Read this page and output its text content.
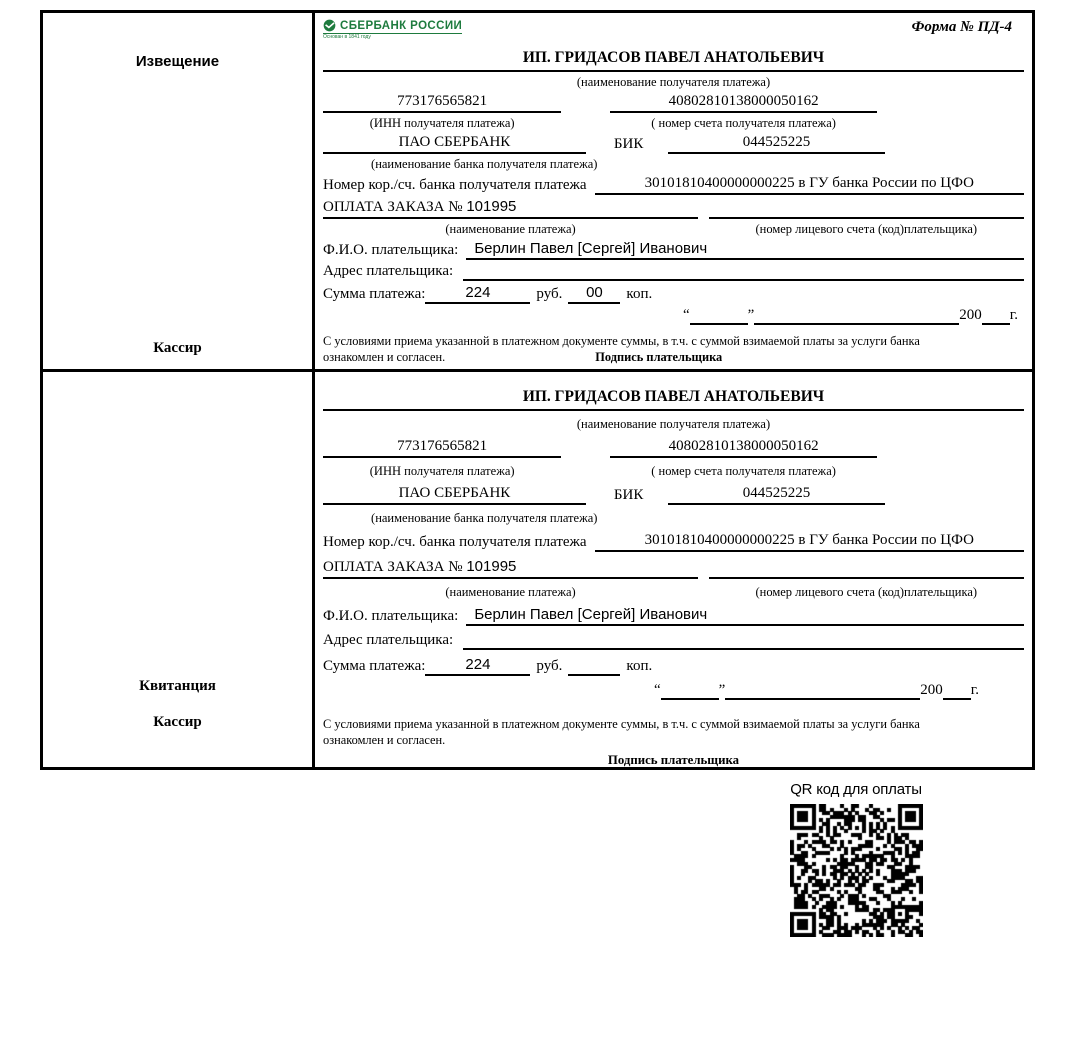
Извещение
Кассир
СБЕРБАНК РОССИИ
Основан в 1841 году
Форма № ПД-4
ИП. ГРИДАСОВ ПАВЕЛ АНАТОЛЬЕВИЧ
(наименование получателя платежа)
773176565821	40802810138000050162
(ИНН получателя платежа)	( номер счета получателя платежа)
ПАО СБЕРБАНК	БИК	044525225
(наименование банка получателя платежа)
Номер кор./сч. банка получателя платежа	30101810400000000225 в ГУ банка России по ЦФО
ОПЛАТА ЗАКАЗА № 101995
(наименование платежа)	(номер лицевого счета (код)плательщика)
Ф.И.О. плательщика:	Берлин Павел [Сергей] Иванович
Адрес плательщика:
Сумма платежа:	224	руб.	00	коп.
“	”	200 г.
С условиями приема указанной в платежном документе суммы, в т.ч. с суммой взимаемой платы за услуги банка
ознакомлен и согласен.	Подпись плательщика
Квитанция
Кассир
ИП. ГРИДАСОВ ПАВЕЛ АНАТОЛЬЕВИЧ
(наименование получателя платежа)
773176565821	40802810138000050162
(ИНН получателя платежа)	( номер счета получателя платежа)
ПАО СБЕРБАНК	БИК	044525225
(наименование банка получателя платежа)
Номер кор./сч. банка получателя платежа	30101810400000000225 в ГУ банка России по ЦФО
ОПЛАТА ЗАКАЗА № 101995
(наименование платежа)	(номер лицевого счета (код)плательщика)
Ф.И.О. плательщика:	Берлин Павел [Сергей] Иванович
Адрес плательщика:
Сумма платежа:	224	руб.	коп.
“	”	200 г.
С условиями приема указанной в платежном документе суммы, в т.ч. с суммой взимаемой платы за услуги банка
ознакомлен и согласен.
Подпись плательщика
QR код для оплаты
